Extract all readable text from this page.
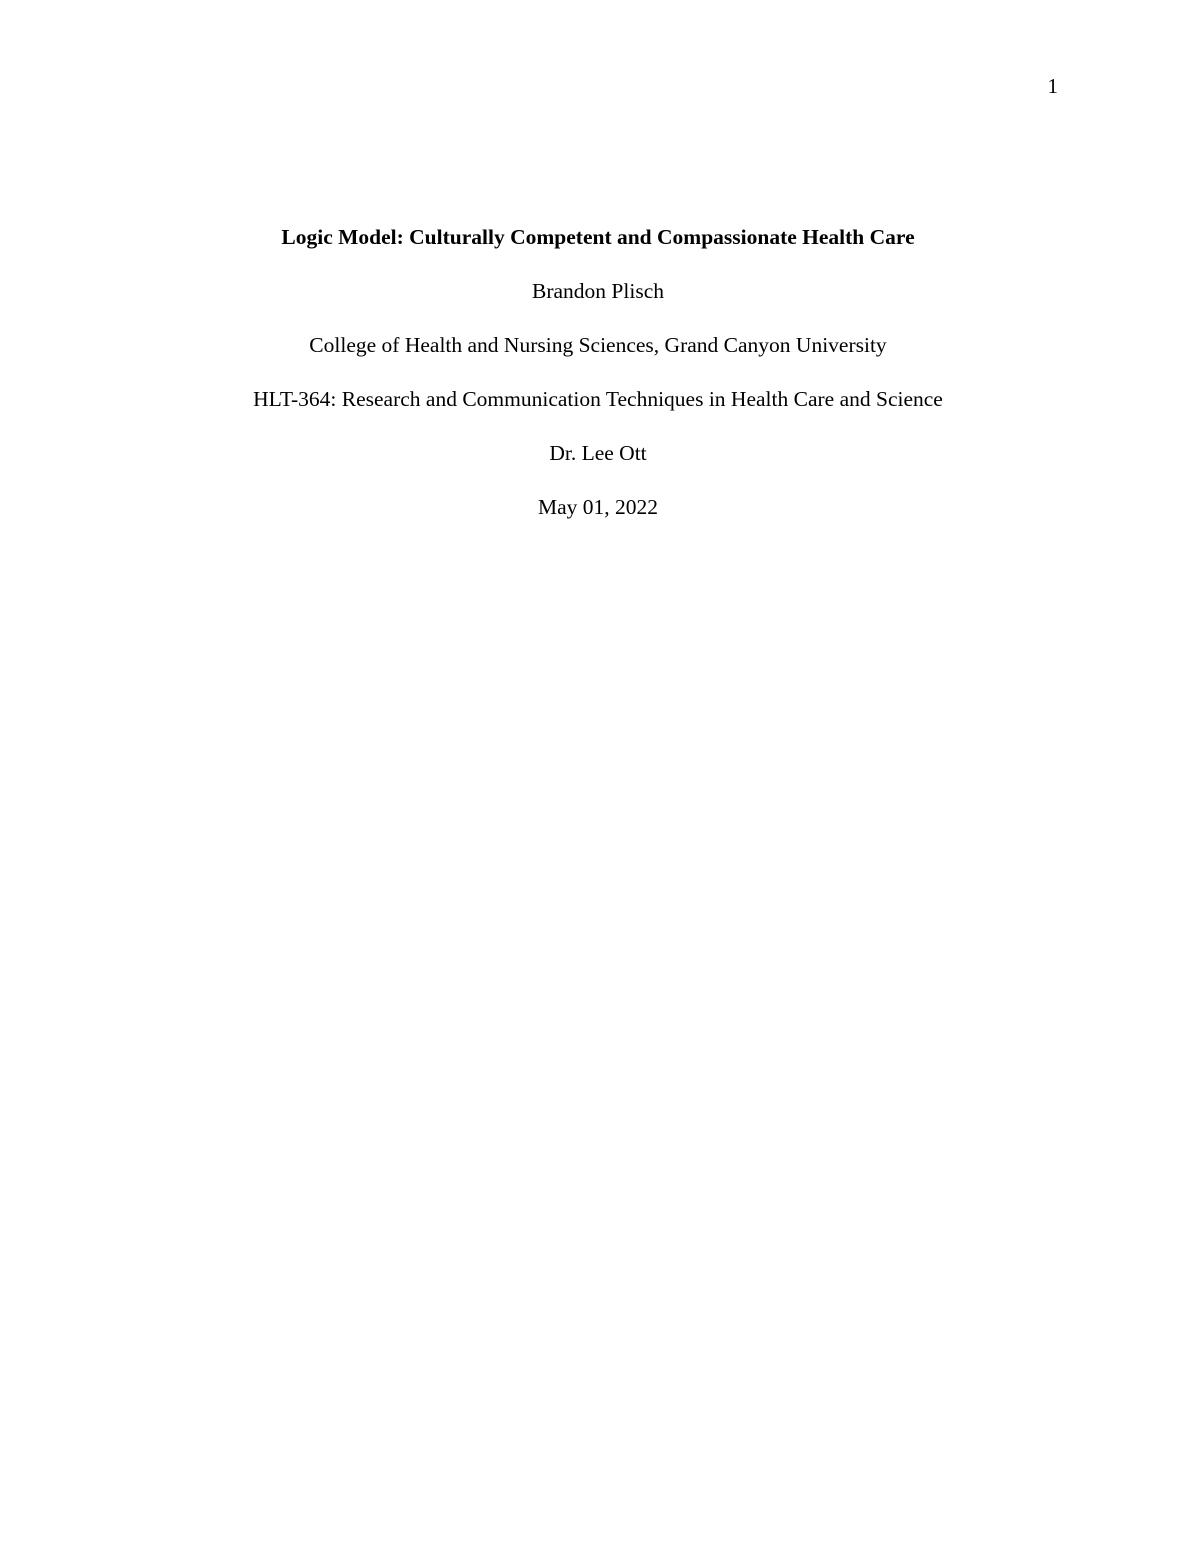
1
Logic Model: Culturally Competent and Compassionate Health Care
Brandon Plisch
College of Health and Nursing Sciences, Grand Canyon University
HLT-364: Research and Communication Techniques in Health Care and Science
Dr. Lee Ott
May 01, 2022
